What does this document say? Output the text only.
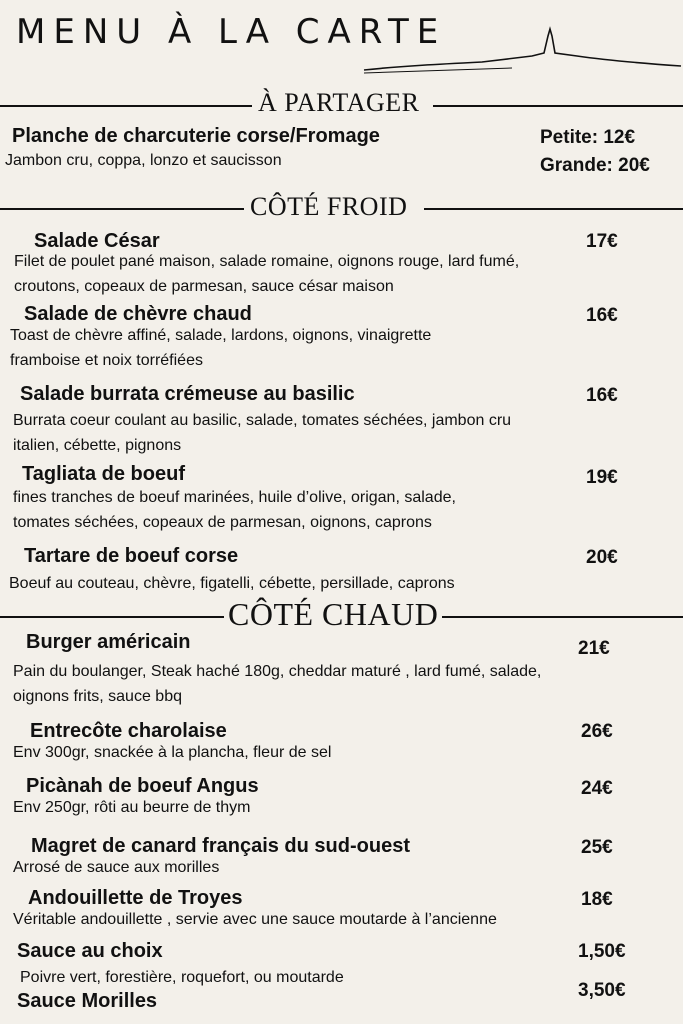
MENU À LA CARTE
À PARTAGER
Planche de charcuterie corse/Fromage
Jambon cru, coppa, lonzo et saucisson
Petite: 12€
Grande: 20€
CÔTÉ FROID
Salade César
Filet de poulet pané maison, salade romaine, oignons rouge, lard fumé, croutons, copeaux de parmesan, sauce césar maison
17€
Salade de chèvre chaud
Toast de chèvre affiné, salade, lardons, oignons, vinaigrette framboise et noix torréfiées
16€
Salade burrata crémeuse au basilic
Burrata coeur coulant au basilic, salade, tomates séchées, jambon cru italien, cébette, pignons
16€
Tagliata de boeuf
fines tranches de boeuf marinées, huile d’olive, origan, salade, tomates séchées, copeaux de parmesan, oignons, caprons
19€
Tartare de boeuf corse
Boeuf au couteau, chèvre, figatelli, cébette, persillade, caprons
20€
CÔTÉ CHAUD
Burger américain
Pain du boulanger, Steak haché 180g, cheddar maturé , lard fumé, salade, oignons frits, sauce bbq
21€
Entrecôte charolaise
Env 300gr, snackée à la plancha, fleur de sel
26€
Picànah de boeuf Angus
Env 250gr, rôti au beurre de thym
24€
Magret de canard français du sud-ouest
Arrosé de sauce aux morilles
25€
Andouillette de Troyes
Véritable andouillette , servie avec une sauce moutarde à l’ancienne
18€
Sauce au choix
Poivre vert, forestière, roquefort, ou moutarde
1,50€
Sauce Morilles	3,50€
